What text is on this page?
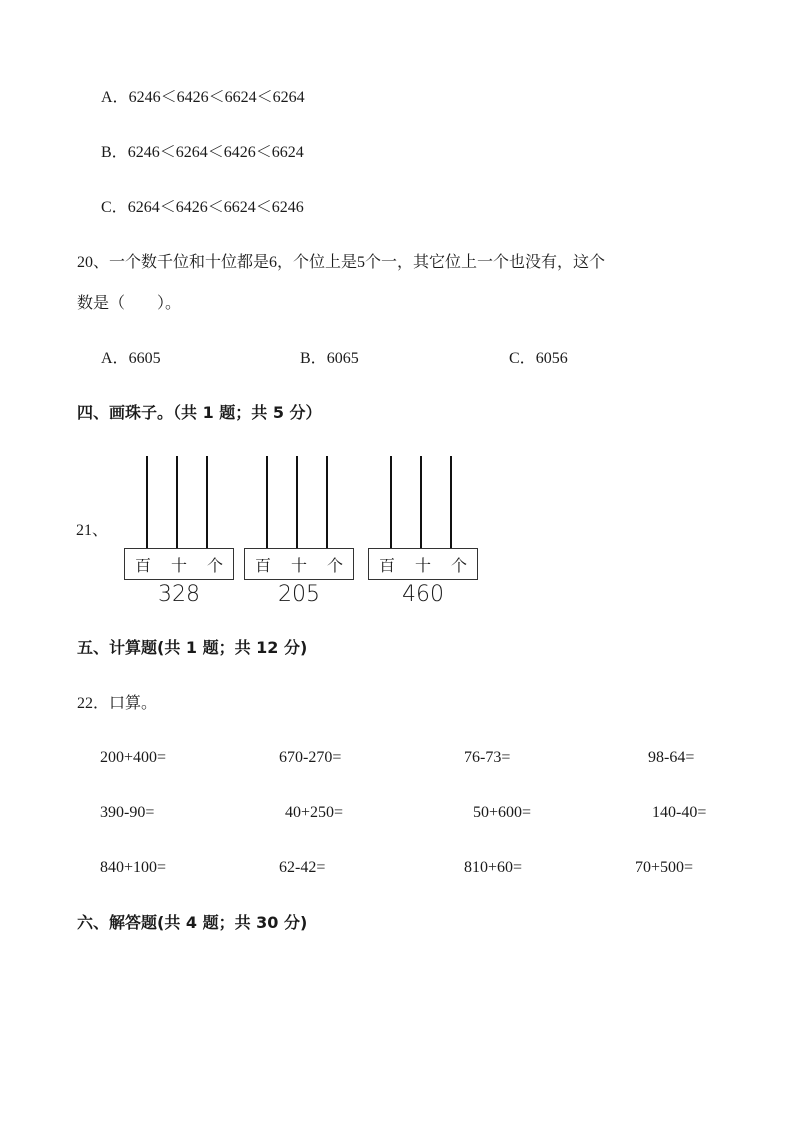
A．6246＜6426＜6624＜6264
B．6246＜6264＜6426＜6624
C．6264＜6426＜6624＜6246
20、一个数千位和十位都是6，个位上是5个一，其它位上一个也没有，这个
数是（　　）。
A．6605	B．6065	C．6056
四、画珠子。（共 1 题；共 5 分）
21、
百 十 个
328
百 十 个
205
百 十 个
460
五、计算题(共 1 题；共 12 分)
22．口算。
200+400=	670-270=	76-73=	98-64=
390-90=	40+250=	50+600=	140-40=
840+100=	62-42=	810+60=	70+500=
六、解答题(共 4 题；共 30 分)
